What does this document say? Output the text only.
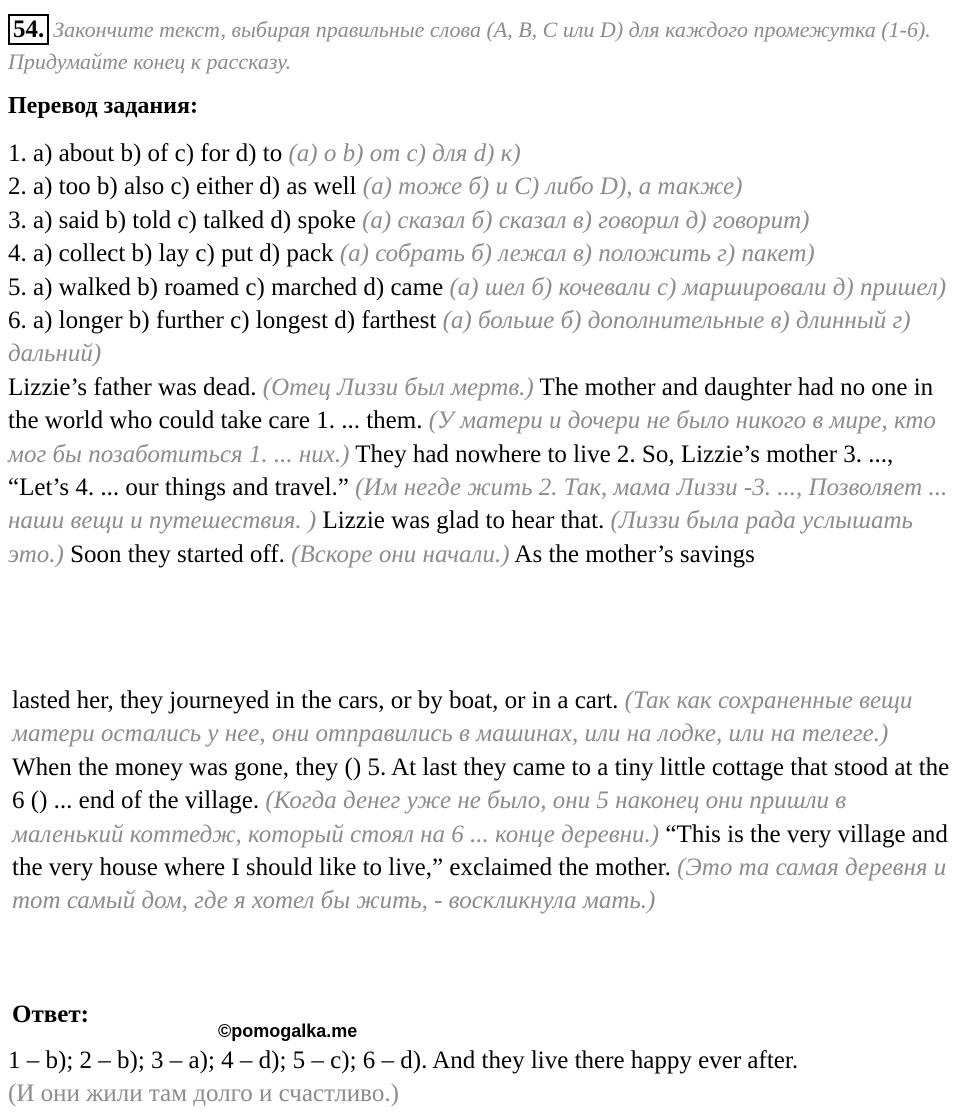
54. Закончите текст, выбирая правильные слова (А, В, С или D) для каждого промежутка (1-6). Придумайте конец к рассказу.
Перевод задания:

1. a) about b) of c) for d) to (а) о b) от с) для d) к)

2. a) too b) also c) either d) as well (а) тоже б) и С) либо D), а также)

3. a) said b) told c) talked d) spoke (а) сказал б) сказал в) говорил д) говорит)

4. a) collect b) lay c) put d) pack (а) собрать б) лежал в) положить г) пакет)

5. a) walked b) roamed c) marched d) came (а) шел б) кочевали с) маршировали д) пришел)

6. a) longer b) further c) longest d) farthest (а) больше б) дополнительные в) длинный г) дальний)

Lizzie’s father was dead. (Отец Лиззи был мертв.) The mother and daughter had no one in the world who could take care 1. ... them. (У матери и дочери не было никого в мире, кто мог бы позаботиться 1. ... них.) They had nowhere to live 2. So, Lizzie’s mother 3. ..., “Let’s 4. ... our things and travel.” (Им негде жить 2. Так, мама Лиззи -3. ..., Позволяет ... наши вещи и путешествия. ) Lizzie was glad to hear that. (Лиззи была рада услышать это.) Soon they started off. (Вскоре они начали.) As the mother’s savings

lasted her, they journeyed in the cars, or by boat, or in a cart. (Так как сохраненные вещи матери остались у нее, они отправились в машинах, или на лодке, или на телеге.) When the money was gone, they () 5. At last they came to a tiny little cottage that stood at the 6 () ... end of the village. (Когда денег уже не было, они 5 наконец они пришли в маленький коттедж, который стоял на 6 ... конце деревни.) “This is the very village and the very house where I should like to live,” exclaimed the mother. (Это та самая деревня и тот самый дом, где я хотел бы жить, - воскликнула мать.)

Ответ:
©pomogalka.me

1 – b); 2 – b); 3 – a); 4 – d); 5 – c); 6 – d). And they live there happy ever after.
(И они жили там долго и счастливо.)
